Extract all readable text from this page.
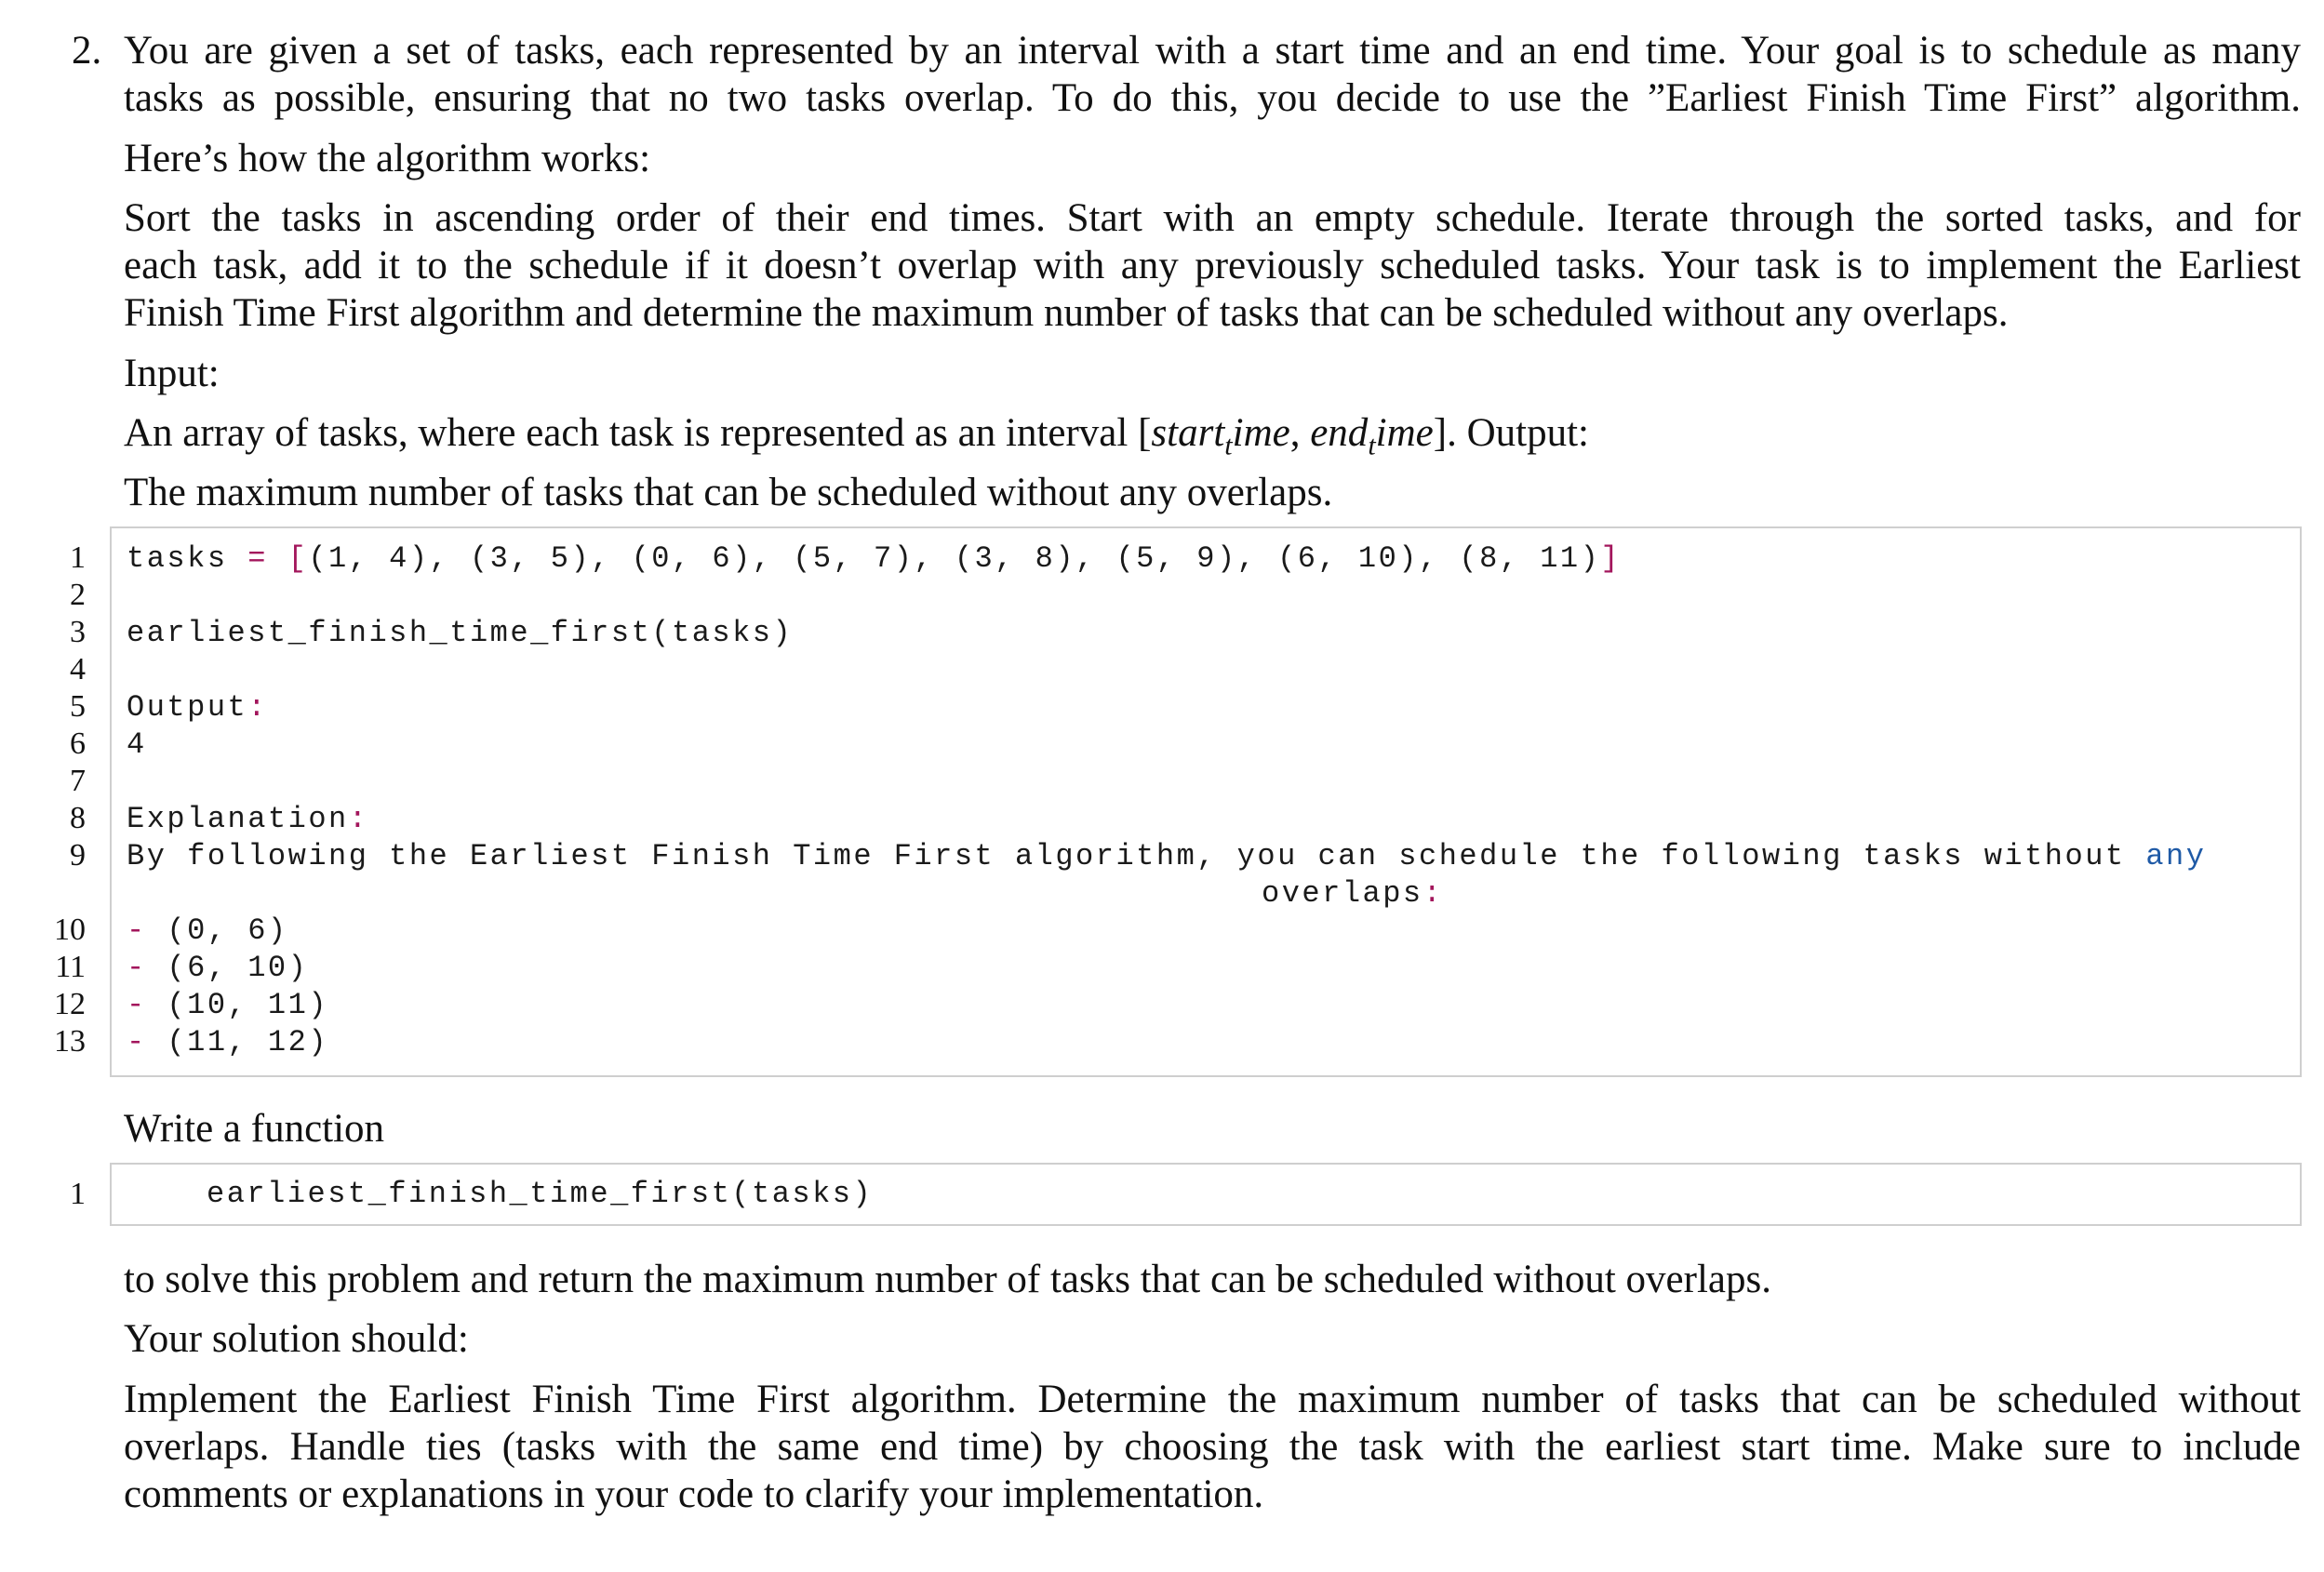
2. You are given a set of tasks, each represented by an interval with a start time and an end time. Your goal is to schedule as many

tasks as possible, ensuring that no two tasks overlap. To do this, you decide to use the ”Earliest Finish Time First” algorithm.

Here’s how the algorithm works:

Sort the tasks in ascending order of their end times. Start with an empty schedule. Iterate through the sorted tasks, and for

each task, add it to the schedule if it doesn’t overlap with any previously scheduled tasks. Your task is to implement the Earliest

Finish Time First algorithm and determine the maximum number of tasks that can be scheduled without any overlaps.

Input:

An array of tasks, where each task is represented as an interval [start$_t$ime, end$_t$ime]. Output:

The maximum number of tasks that can be scheduled without any overlaps.

tasks = [(1, 4), (3, 5), (0, 6), (5, 7), (3, 8), (5, 9), (6, 10), (8, 11)]
earliest_finish_time_first(tasks)
Output:
4
Explanation:
By following the Earliest Finish Time First algorithm, you can schedule the following tasks without any
overlaps:
- (0, 6)
- (6, 10)
- (10, 11)
- (11, 12)
1
2
3
4
5
6
7
8
9
10
11
12
13

Write a function

earliest_finish_time_first(tasks)
1

to solve this problem and return the maximum number of tasks that can be scheduled without overlaps.

Your solution should:

Implement the Earliest Finish Time First algorithm. Determine the maximum number of tasks that can be scheduled without

overlaps. Handle ties (tasks with the same end time) by choosing the task with the earliest start time. Make sure to include

comments or explanations in your code to clarify your implementation.
